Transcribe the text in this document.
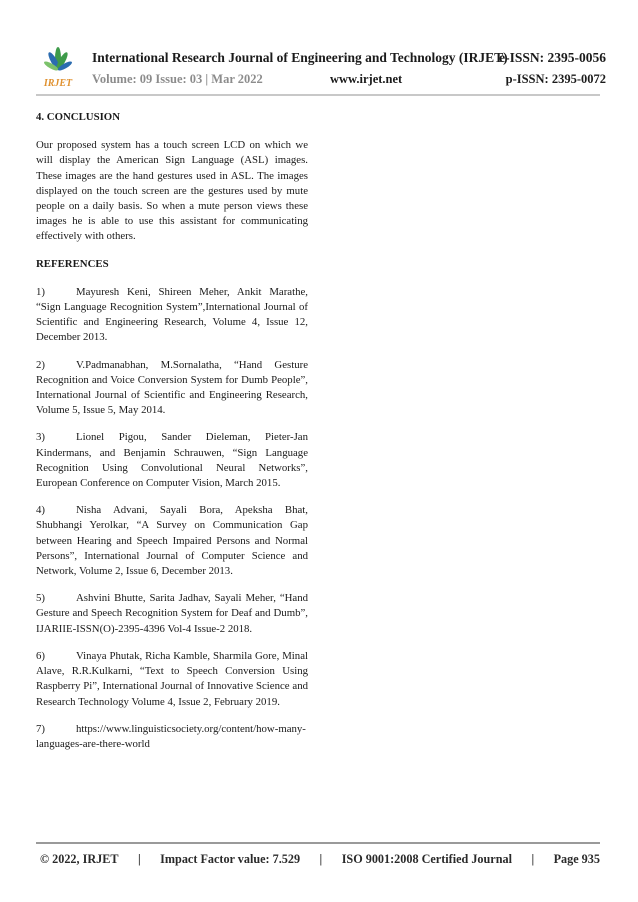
IRJET
International Research Journal of Engineering and Technology (IRJET)
e-ISSN: 2395-0056
Volume: 09 Issue: 03 | Mar 2022	www.irjet.net	p-ISSN: 2395-0072
4. CONCLUSION

Our proposed system has a touch screen LCD on which we will display the American Sign Language (ASL) images. These images are the hand gestures used in ASL. The images displayed on the touch screen are the gestures used by mute people on a daily basis. So when a mute person views these images he is able to use this assistant for communicating effectively with others.

REFERENCES
1)	Mayuresh Keni, Shireen Meher, Ankit Marathe, “Sign Language Recognition System”,International Journal of Scientific and Engineering Research, Volume 4, Issue 12, December 2013.
2)	V.Padmanabhan, M.Sornalatha, “Hand Gesture Recognition and Voice Conversion System for Dumb People”, International Journal of Scientific and Engineering Research, Volume 5, Issue 5, May 2014.
3)	Lionel Pigou, Sander Dieleman, Pieter-Jan Kindermans, and Benjamin Schrauwen, “Sign Language Recognition Using Convolutional Neural Networks”, European Conference on Computer Vision, March 2015.
4)	Nisha Advani, Sayali Bora, Apeksha Bhat, Shubhangi Yerolkar, “A Survey on Communication Gap between Hearing and Speech Impaired Persons and Normal Persons”, International Journal of Computer Science and Network, Volume 2, Issue 6, December 2013.
5)	Ashvini Bhutte, Sarita Jadhav, Sayali Meher, “Hand Gesture and Speech Recognition System for Deaf and Dumb”, IJARIIE-ISSN(O)-2395-4396 Vol-4 Issue-2 2018.
6)	Vinaya Phutak, Richa Kamble, Sharmila Gore, Minal Alave, R.R.Kulkarni, “Text to Speech Conversion Using Raspberry Pi”, International Journal of Innovative Science and Research Technology Volume 4, Issue 2, February 2019.
7)	https://www.linguisticsociety.org/content/how-many-languages-are-there-world
© 2022, IRJET | Impact Factor value: 7.529 | ISO 9001:2008 Certified Journal | Page 935
